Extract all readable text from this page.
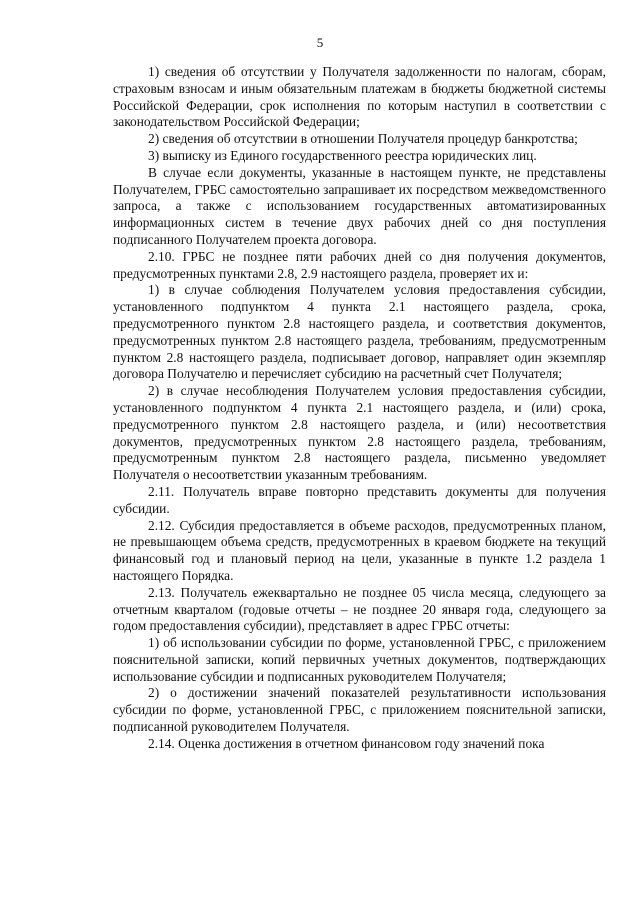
5

1) сведения об отсутствии у Получателя задолженности по налогам, сборам, страховым взносам и иным обязательным платежам в бюджеты бюджетной системы Российской Федерации, срок исполнения по которым наступил в соответствии с законодательством Российской Федерации;

2) сведения об отсутствии в отношении Получателя процедур банкротства;

3) выписку из Единого государственного реестра юридических лиц.

В случае если документы, указанные в настоящем пункте, не представлены Получателем, ГРБС самостоятельно запрашивает их посредством межведомственного запроса, а также с использованием государственных автоматизированных информационных систем в течение двух рабочих дней со дня поступления подписанного Получателем проекта договора.

2.10. ГРБС не позднее пяти рабочих дней со дня получения документов, предусмотренных пунктами 2.8, 2.9 настоящего раздела, проверяет их и:

1) в случае соблюдения Получателем условия предоставления субсидии, установленного подпунктом 4 пункта 2.1 настоящего раздела, срока, предусмотренного пунктом 2.8 настоящего раздела, и соответствия документов, предусмотренных пунктом 2.8 настоящего раздела, требованиям, предусмотренным пунктом 2.8 настоящего раздела, подписывает договор, направляет один экземпляр договора Получателю и перечисляет субсидию на расчетный счет Получателя;

2) в случае несоблюдения Получателем условия предоставления субсидии, установленного подпунктом 4 пункта 2.1 настоящего раздела, и (или) срока, предусмотренного пунктом 2.8 настоящего раздела, и (или) несоответствия документов, предусмотренных пунктом 2.8 настоящего раздела, требованиям, предусмотренным пунктом 2.8 настоящего раздела, письменно уведомляет Получателя о несоответствии указанным требованиям.

2.11. Получатель вправе повторно представить документы для получения субсидии.

2.12. Субсидия предоставляется в объеме расходов, предусмотренных планом, не превышающем объема средств, предусмотренных в краевом бюджете на текущий финансовый год и плановый период на цели, указанные в пункте 1.2 раздела 1 настоящего Порядка.

2.13. Получатель ежеквартально не позднее 05 числа месяца, следующего за отчетным кварталом (годовые отчеты – не позднее 20 января года, следующего за годом предоставления субсидии), представляет в адрес ГРБС отчеты:

1) об использовании субсидии по форме, установленной ГРБС, с приложением пояснительной записки, копий первичных учетных документов, подтверждающих использование субсидии и подписанных руководителем Получателя;

2) о достижении значений показателей результативности использования субсидии по форме, установленной ГРБС, с приложением пояснительной записки, подписанной руководителем Получателя.

2.14. Оценка достижения в отчетном финансовом году значений пока
